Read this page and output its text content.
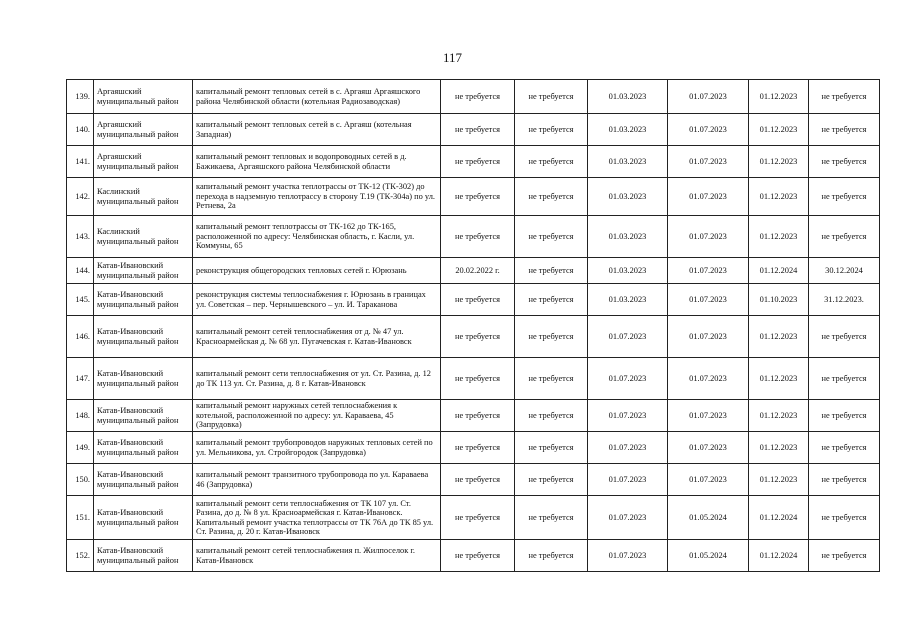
117
139.	Аргаяшский муниципальный район	капитальный ремонт тепловых сетей в с. Аргаяш Аргаяшского района Челябинской области (котельная Радиозаводская)	не требуется	не требуется	01.03.2023	01.07.2023	01.12.2023	не требуется
140.	Аргаяшский муниципальный район	капитальный ремонт тепловых сетей в с. Аргаяш (котельная Западная)	не требуется	не требуется	01.03.2023	01.07.2023	01.12.2023	не требуется
141.	Аргаяшский муниципальный район	капитальный ремонт тепловых и водопроводных сетей в д. Бажикаева, Аргаяшского района Челябинской области	не требуется	не требуется	01.03.2023	01.07.2023	01.12.2023	не требуется
142.	Каслинский муниципальный район	капитальный ремонт участка теплотрассы от ТК-12 (ТК-302) до перехода в надземную теплотрассу в сторону Т.19 (ТК-304а) по ул. Ретнева, 2а	не требуется	не требуется	01.03.2023	01.07.2023	01.12.2023	не требуется
143.	Каслинский муниципальный район	капитальный ремонт теплотрассы от ТК-162 до ТК-165, расположенной по адресу: Челябинская область, г. Касли, ул. Коммуны, 65	не требуется	не требуется	01.03.2023	01.07.2023	01.12.2023	не требуется
144.	Катав-Ивановский муниципальный район	реконструкция общегородских тепловых сетей г. Юрюзань	20.02.2022 г.	не требуется	01.03.2023	01.07.2023	01.12.2024	30.12.2024
145.	Катав-Ивановский муниципальный район	реконструкция системы теплоснабжения г. Юрюзань в границах ул. Советская – пер. Чернышевского – ул. И. Тараканова	не требуется	не требуется	01.03.2023	01.07.2023	01.10.2023	31.12.2023.
146.	Катав-Ивановский муниципальный район	капитальный ремонт сетей теплоснабжения от д. № 47 ул. Красноармейская д. № 68 ул. Пугачевская г. Катав-Ивановск	не требуется	не требуется	01.07.2023	01.07.2023	01.12.2023	не требуется
147.	Катав-Ивановский муниципальный район	капитальный ремонт сети теплоснабжения от ул. Ст. Разина, д. 12 до ТК 113 ул. Ст. Разина, д. 8 г. Катав-Ивановск	не требуется	не требуется	01.07.2023	01.07.2023	01.12.2023	не требуется
148.	Катав-Ивановский муниципальный район	капитальный ремонт наружных сетей теплоснабжения к котельной, расположенной по адресу: ул. Караваева, 45 (Запрудовка)	не требуется	не требуется	01.07.2023	01.07.2023	01.12.2023	не требуется
149.	Катав-Ивановский муниципальный район	капитальный ремонт трубопроводов наружных тепловых сетей по ул. Мельникова, ул. Стройгородок (Запрудовка)	не требуется	не требуется	01.07.2023	01.07.2023	01.12.2023	не требуется
150.	Катав-Ивановский муниципальный район	капитальный ремонт транзитного трубопровода по ул. Караваева 46 (Запрудовка)	не требуется	не требуется	01.07.2023	01.07.2023	01.12.2023	не требуется
151.	Катав-Ивановский муниципальный район	капитальный ремонт сети теплоснабжения от ТК 107 ул. Ст. Разина, до д. № 8 ул. Красноармейская г. Катав-Ивановск. Капитальный ремонт участка теплотрассы от ТК 76А до ТК 85 ул. Ст. Разина, д. 20 г. Катав-Ивановск	не требуется	не требуется	01.07.2023	01.05.2024	01.12.2024	не требуется
152.	Катав-Ивановский муниципальный район	капитальный ремонт сетей теплоснабжения п. Жилпоселок г. Катав-Ивановск	не требуется	не требуется	01.07.2023	01.05.2024	01.12.2024	не требуется
